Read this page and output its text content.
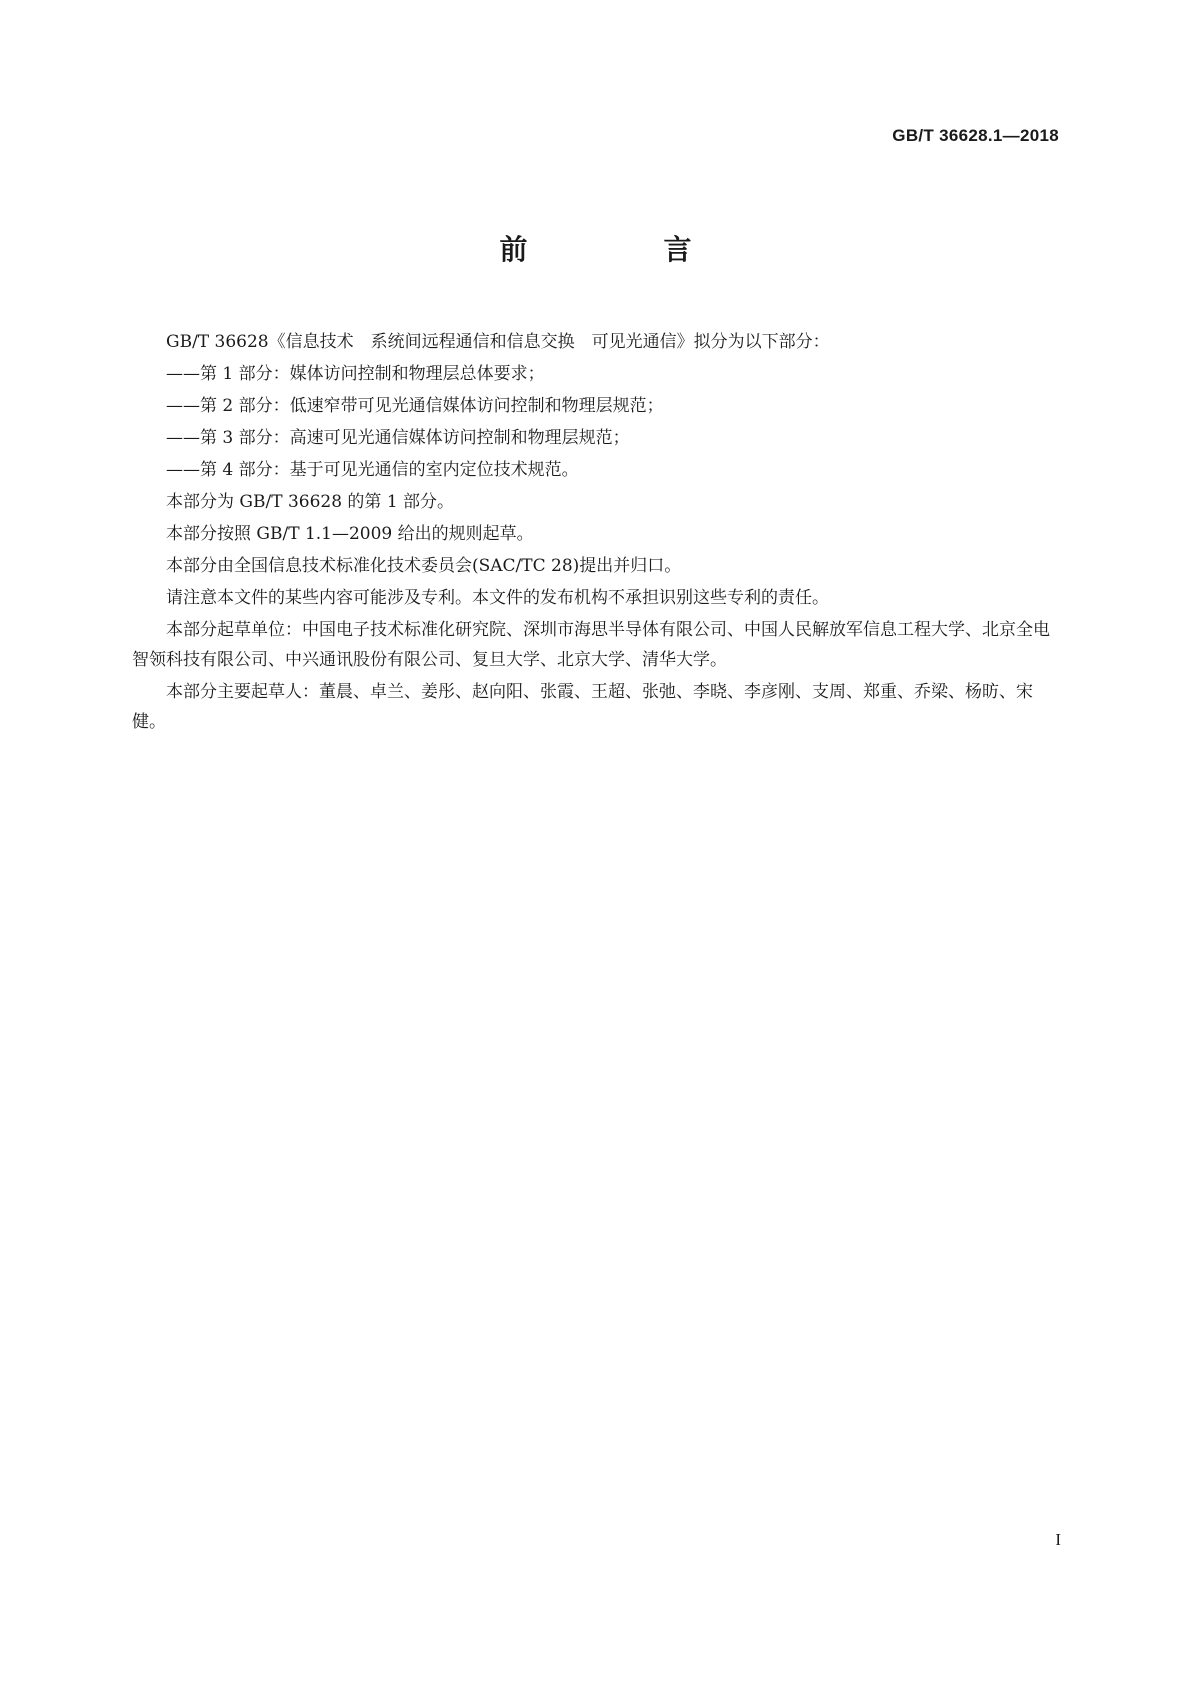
GB/T 36628.1—2018
前　言

GB/T 36628《信息技术　系统间远程通信和信息交换　可见光通信》拟分为以下部分：

——第 1 部分：媒体访问控制和物理层总体要求；

——第 2 部分：低速窄带可见光通信媒体访问控制和物理层规范；

——第 3 部分：高速可见光通信媒体访问控制和物理层规范；

——第 4 部分：基于可见光通信的室内定位技术规范。

本部分为 GB/T 36628 的第 1 部分。

本部分按照 GB/T 1.1—2009 给出的规则起草。

本部分由全国信息技术标准化技术委员会(SAC/TC 28)提出并归口。

请注意本文件的某些内容可能涉及专利。本文件的发布机构不承担识别这些专利的责任。

本部分起草单位：中国电子技术标准化研究院、深圳市海思半导体有限公司、中国人民解放军信息工程大学、北京全电智领科技有限公司、中兴通讯股份有限公司、复旦大学、北京大学、清华大学。

本部分主要起草人：董晨、卓兰、姜彤、赵向阳、张霞、王超、张弛、李晓、李彦刚、支周、郑重、乔梁、杨昉、宋健。

I
